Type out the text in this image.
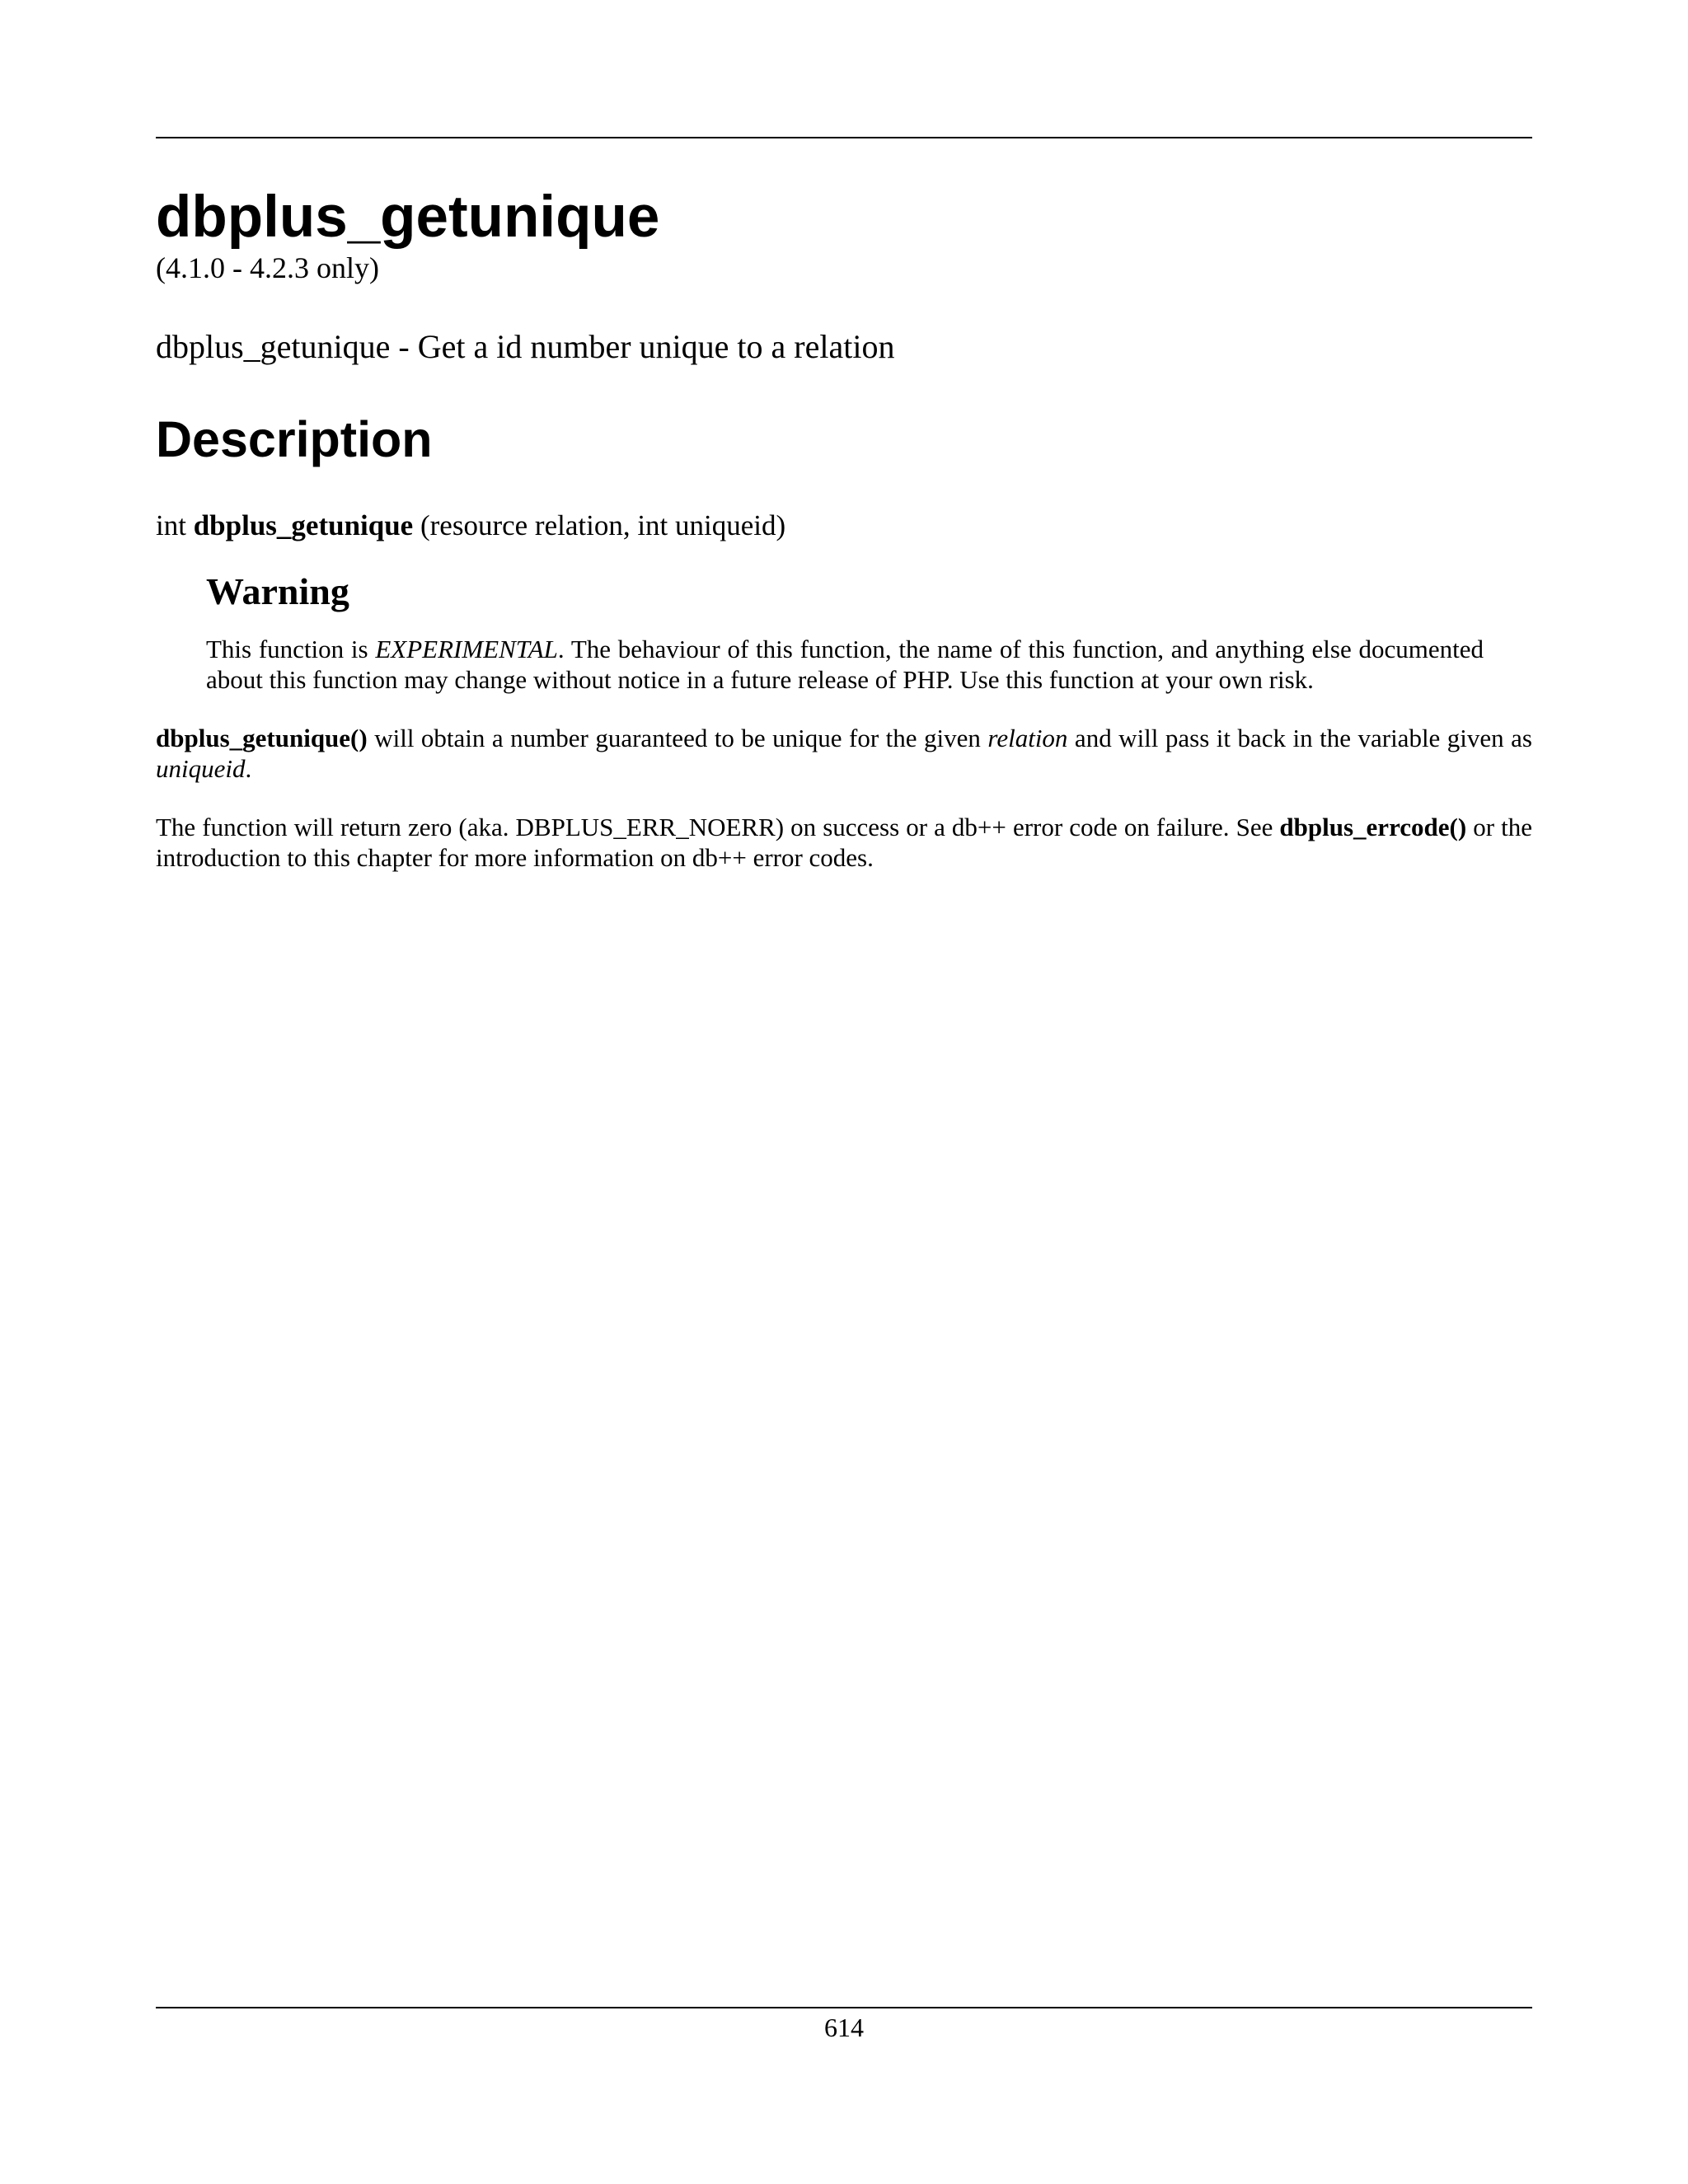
dbplus_getunique
(4.1.0 - 4.2.3 only)
dbplus_getunique - Get a id number unique to a relation
Description
int dbplus_getunique (resource relation, int uniqueid)
Warning

This function is EXPERIMENTAL. The behaviour of this function, the name of this function, and anything else documented about this function may change without notice in a future release of PHP. Use this function at your own risk.

dbplus_getunique() will obtain a number guaranteed to be unique for the given relation and will pass it back in the variable given as uniqueid.

The function will return zero (aka. DBPLUS_ERR_NOERR) on success or a db++ error code on failure. See dbplus_errcode() or the introduction to this chapter for more information on db++ error codes.

614
